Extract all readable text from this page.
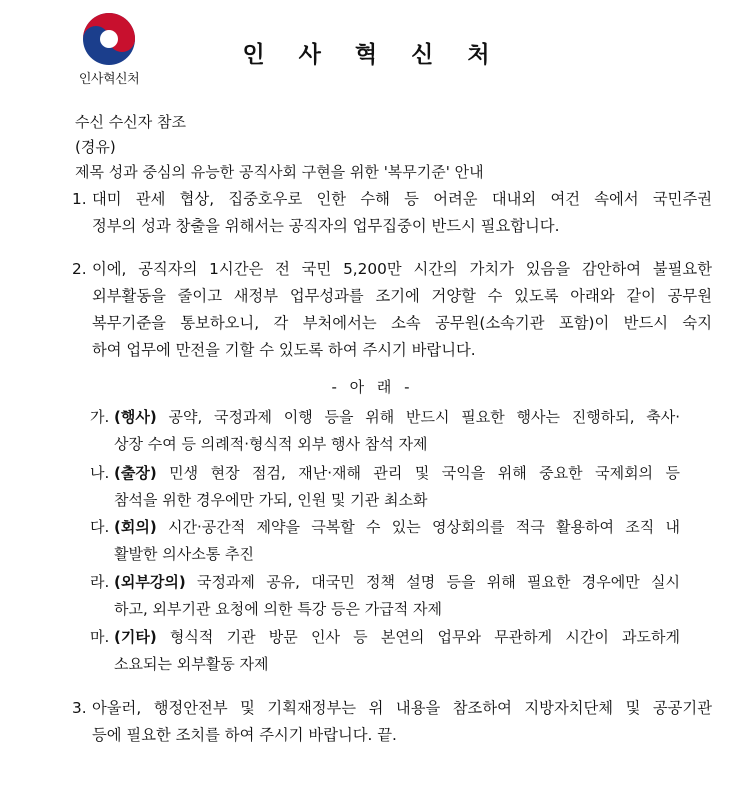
인사혁신처
인 사 혁 신 처
수신 수신자 참조
(경유)
제목 성과 중심의 유능한 공직사회 구현을 위한 '복무기준' 안내
1. 대미 관세 협상, 집중호우로 인한 수해 등 어려운 대내외 여건 속에서 국민주권
정부의 성과 창출을 위해서는 공직자의 업무집중이 반드시 필요합니다.
2. 이에, 공직자의 1시간은 전 국민 5,200만 시간의 가치가 있음을 감안하여 불필요한
외부활동을 줄이고 새정부 업무성과를 조기에 거양할 수 있도록 아래와 같이 공무원
복무기준을 통보하오니, 각 부처에서는 소속 공무원(소속기관 포함)이 반드시 숙지
하여 업무에 만전을 기할 수 있도록 하여 주시기 바랍니다.
- 아 래 -
가. (행사) 공약, 국정과제 이행 등을 위해 반드시 필요한 행사는 진행하되, 축사·
상장 수여 등 의례적·형식적 외부 행사 참석 자제
나. (출장) 민생 현장 점검, 재난·재해 관리 및 국익을 위해 중요한 국제회의 등
참석을 위한 경우에만 가되, 인원 및 기관 최소화
다. (회의) 시간·공간적 제약을 극복할 수 있는 영상회의를 적극 활용하여 조직 내
활발한 의사소통 추진
라. (외부강의) 국정과제 공유, 대국민 정책 설명 등을 위해 필요한 경우에만 실시
하고, 외부기관 요청에 의한 특강 등은 가급적 자제
마. (기타) 형식적 기관 방문 인사 등 본연의 업무와 무관하게 시간이 과도하게
소요되는 외부활동 자제
3. 아울러, 행정안전부 및 기획재정부는 위 내용을 참조하여 지방자치단체 및 공공기관
등에 필요한 조치를 하여 주시기 바랍니다. 끝.
